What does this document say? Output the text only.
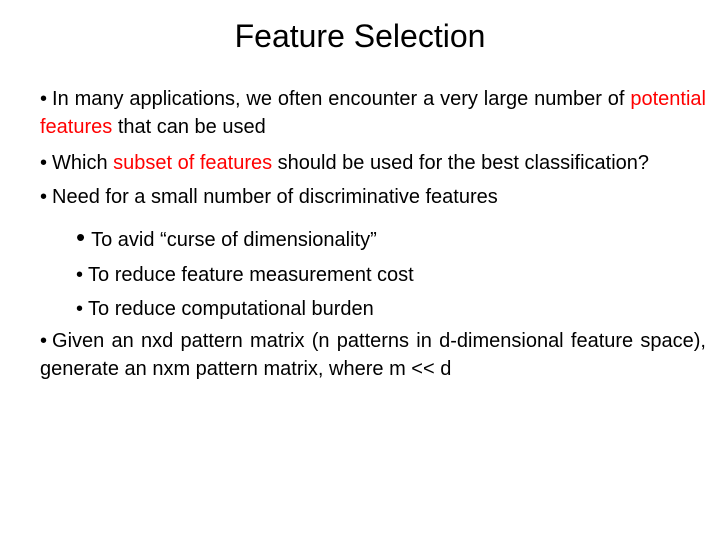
Feature Selection
• In many applications, we often encounter a very large number of potential features that can be used
• Which subset of features should be used for the best classification?
• Need for a small number of discriminative features
• To avid “curse of dimensionality”
• To reduce feature measurement cost
• To reduce computational burden
• Given an nxd pattern matrix (n patterns in d-dimensional feature space), generate an nxm pattern matrix, where m << d
